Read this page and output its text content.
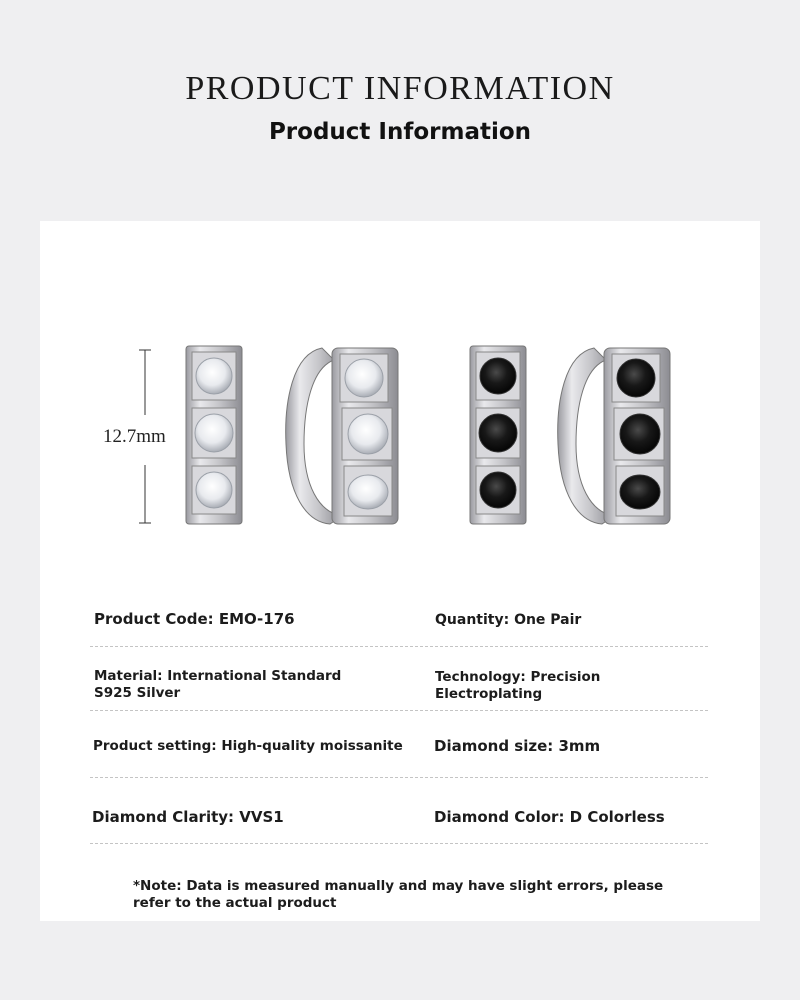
PRODUCT INFORMATION
Product Information
12.7mm
Product Code: EMO-176	Quantity: One Pair
Material: International Standard S925 Silver
Technology: Precision Electroplating
Product setting: High-quality moissanite Diamond size: 3mm
Diamond Clarity: VVS1	Diamond Color: D Colorless
*Note: Data is measured manually and may have slight errors, please refer to the actual product
